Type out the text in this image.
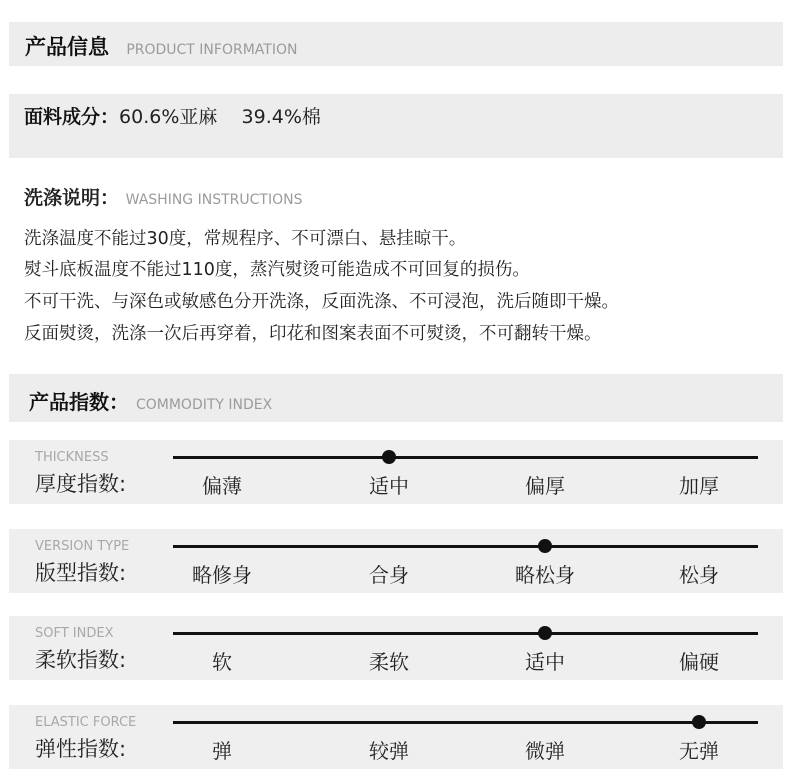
产品信息 PRODUCT INFORMATION
面料成分：60.6%亚麻    39.4%棉
洗涤说明： WASHING INSTRUCTIONS
洗涤温度不能过30度，常规程序、不可漂白、悬挂晾干。
熨斗底板温度不能过110度，蒸汽熨烫可能造成不可回复的损伤。
不可干洗、与深色或敏感色分开洗涤，反面洗涤、不可浸泡，洗后随即干燥。
反面熨烫，洗涤一次后再穿着，印花和图案表面不可熨烫，不可翻转干燥。
产品指数： COMMODITY INDEX
THICKNESS
厚度指数:	偏薄	适中	偏厚	加厚
VERSION TYPE
版型指数:	略修身	合身	略松身	松身
SOFT INDEX
柔软指数:	软	柔软	适中	偏硬
ELASTIC FORCE
弹性指数:	弹	较弹	微弹	无弹
